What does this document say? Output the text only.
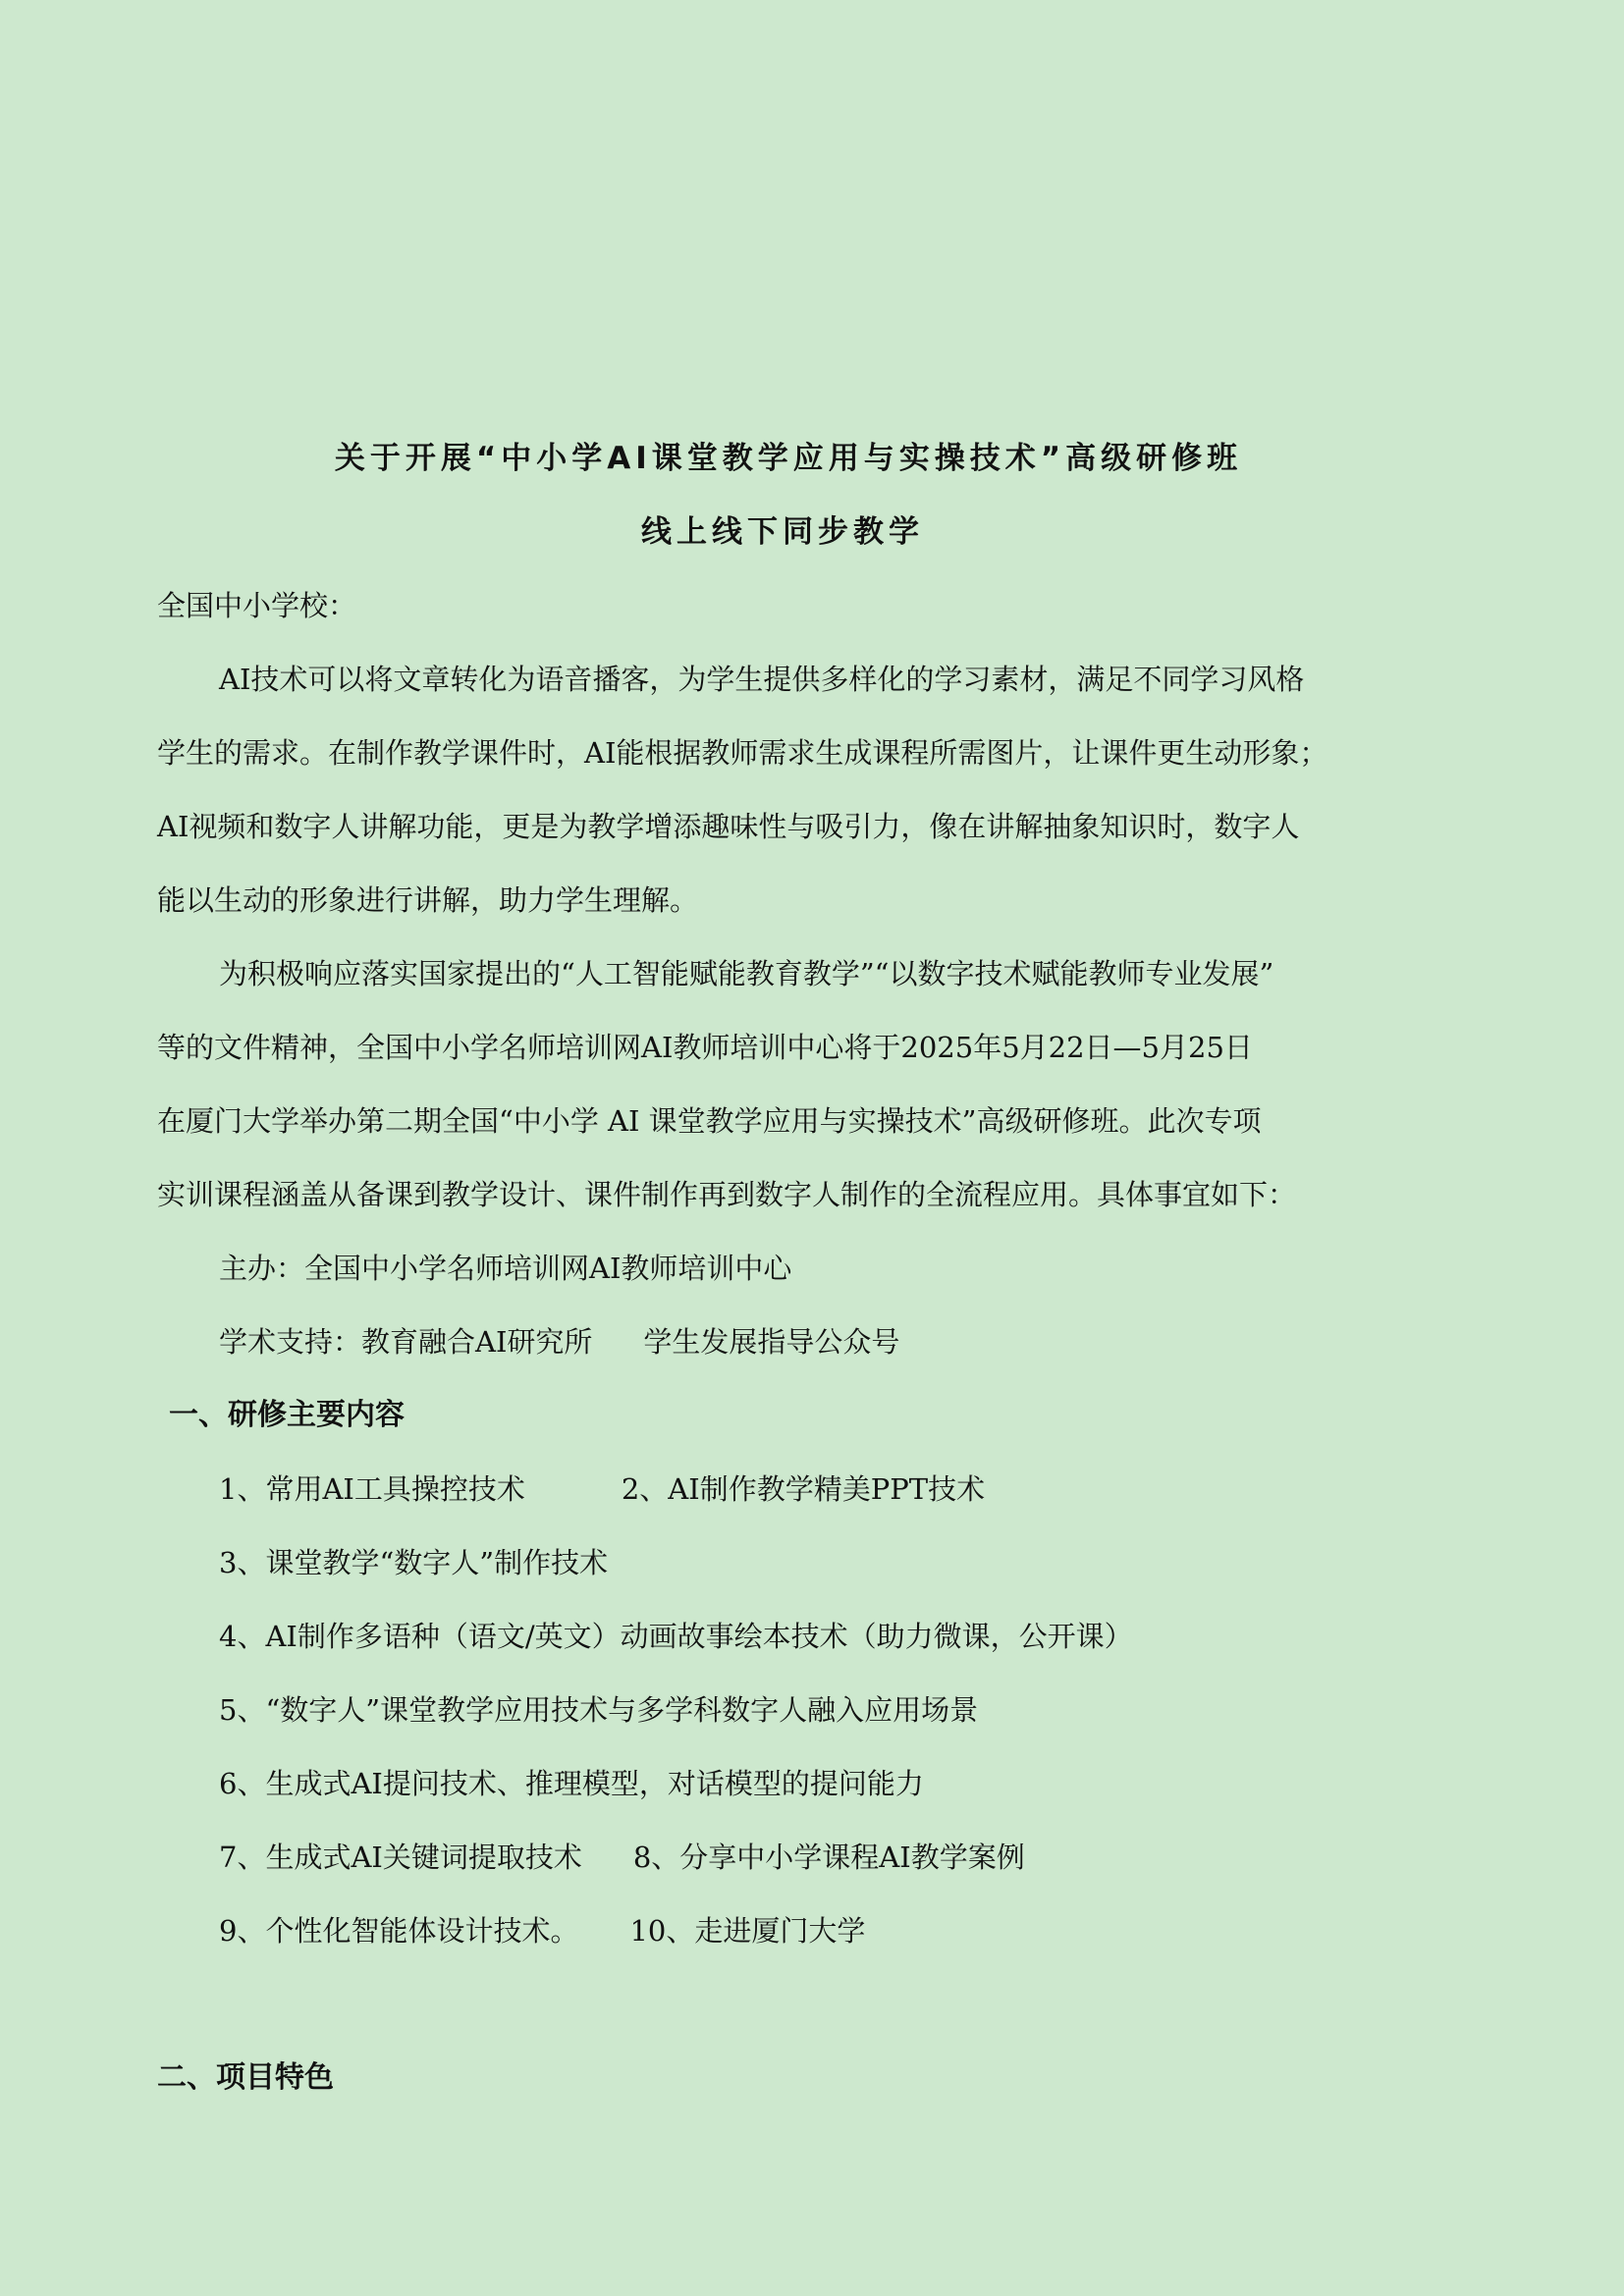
关于开展“中小学AI课堂教学应用与实操技术”高级研修班
线上线下同步教学

全国中小学校：

AI技术可以将文章转化为语音播客，为学生提供多样化的学习素材，满足不同学习风格

学生的需求。在制作教学课件时，AI能根据教师需求生成课程所需图片，让课件更生动形象；

AI视频和数字人讲解功能，更是为教学增添趣味性与吸引力，像在讲解抽象知识时，数字人

能以生动的形象进行讲解，助力学生理解。

为积极响应落实国家提出的“人工智能赋能教育教学”“以数字技术赋能教师专业发展”

等的文件精神，全国中小学名师培训网AI教师培训中心将于2025年5月22日—5月25日

在厦门大学举办第二期全国“中小学 AI 课堂教学应用与实操技术”高级研修班。此次专项

实训课程涵盖从备课到教学设计、课件制作再到数字人制作的全流程应用。具体事宜如下：

主办：全国中小学名师培训网AI教师培训中心

学术支持：教育融合AI研究所 学生发展指导公众号

一、研修主要内容

1、常用AI工具操控技术	2、AI制作教学精美PPT技术

3、课堂教学“数字人”制作技术

4、AI制作多语种（语文/英文）动画故事绘本技术（助力微课，公开课）

5、“数字人”课堂教学应用技术与多学科数字人融入应用场景

6、生成式AI提问技术、推理模型，对话模型的提问能力

7、生成式AI关键词提取技术 8、分享中小学课程AI教学案例

9、个性化智能体设计技术。 10、走进厦门大学

二、项目特色
